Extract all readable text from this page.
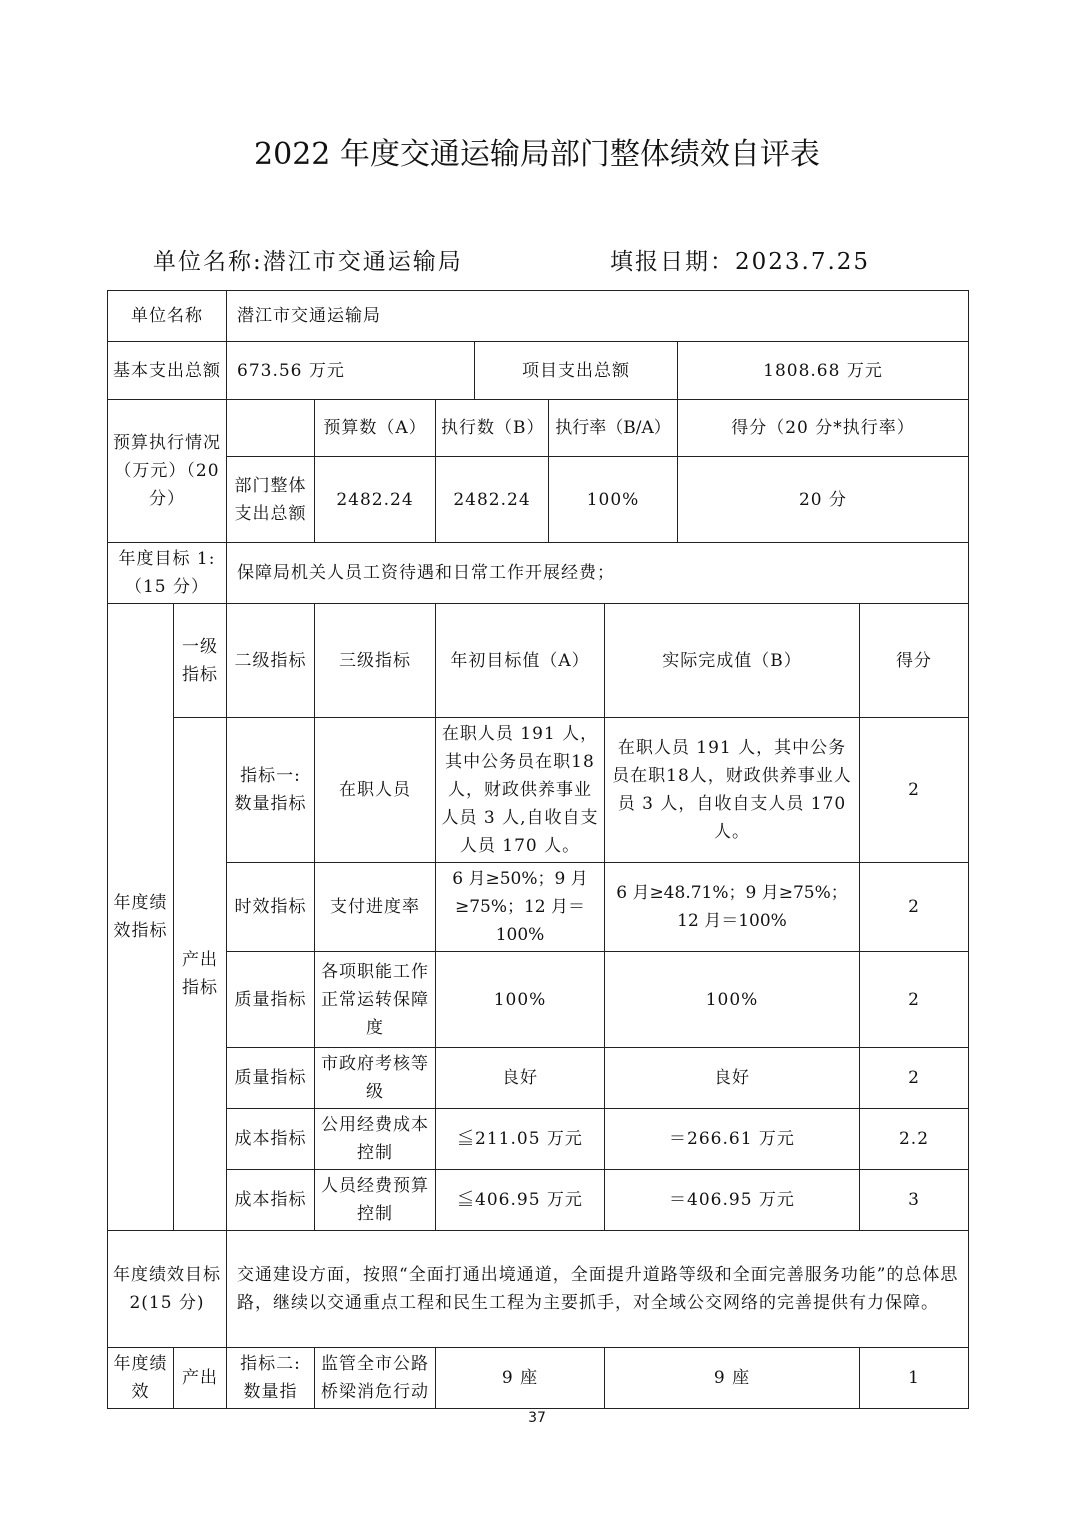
2022 年度交通运输局部门整体绩效自评表
单位名称:潜江市交通运输局	填报日期：2023.7.25
单位名称		潜江市交通运输局							
基本支出总额		673.56 万元			项目支出总额			1808.68 万元	
预算执行情况（万元）（20 分）			预算数（A）	执行数（B）		执行率（B/A）		得分（20 分*执行率）	
		部门整体支出总额	2482.24	2482.24		100%		20 分	
年度目标 1:（15 分）		保障局机关人员工资待遇和日常工作开展经费；							
年度绩效指标	一级指标	二级指标	三级指标	年初目标值（A）			实际完成值（B）		得分
	产出指标	指标一:数量指标	在职人员	在职人员 191 人，其中公务员在职18人，财政供养事业人员 3 人,自收自支人员 170 人。			在职人员 191 人，其中公务员在职18人，财政供养事业人员 3 人，自收自支人员 170 人。		2
		时效指标	支付进度率	6 月≥50%；9 月≥75%；12 月＝100%			6 月≥48.71%；9 月≥75%；12 月＝100%		2
		质量指标	各项职能工作正常运转保障度	100%			100%		2
		质量指标	市政府考核等级	良好			良好		2
		成本指标	公用经费成本控制	≦211.05 万元			＝266.61 万元		2.2
		成本指标	人员经费预算控制	≦406.95 万元			＝406.95 万元		3
年度绩效目标 2(15 分)		交通建设方面，按照“全面打通出境通道，全面提升道路等级和全面完善服务功能”的总体思路，继续以交通重点工程和民生工程为主要抓手，对全域公交网络的完善提供有力保障。							
年度绩效	产出	指标二:数量指	监管全市公路桥梁消危行动	9 座			9 座		1
37
